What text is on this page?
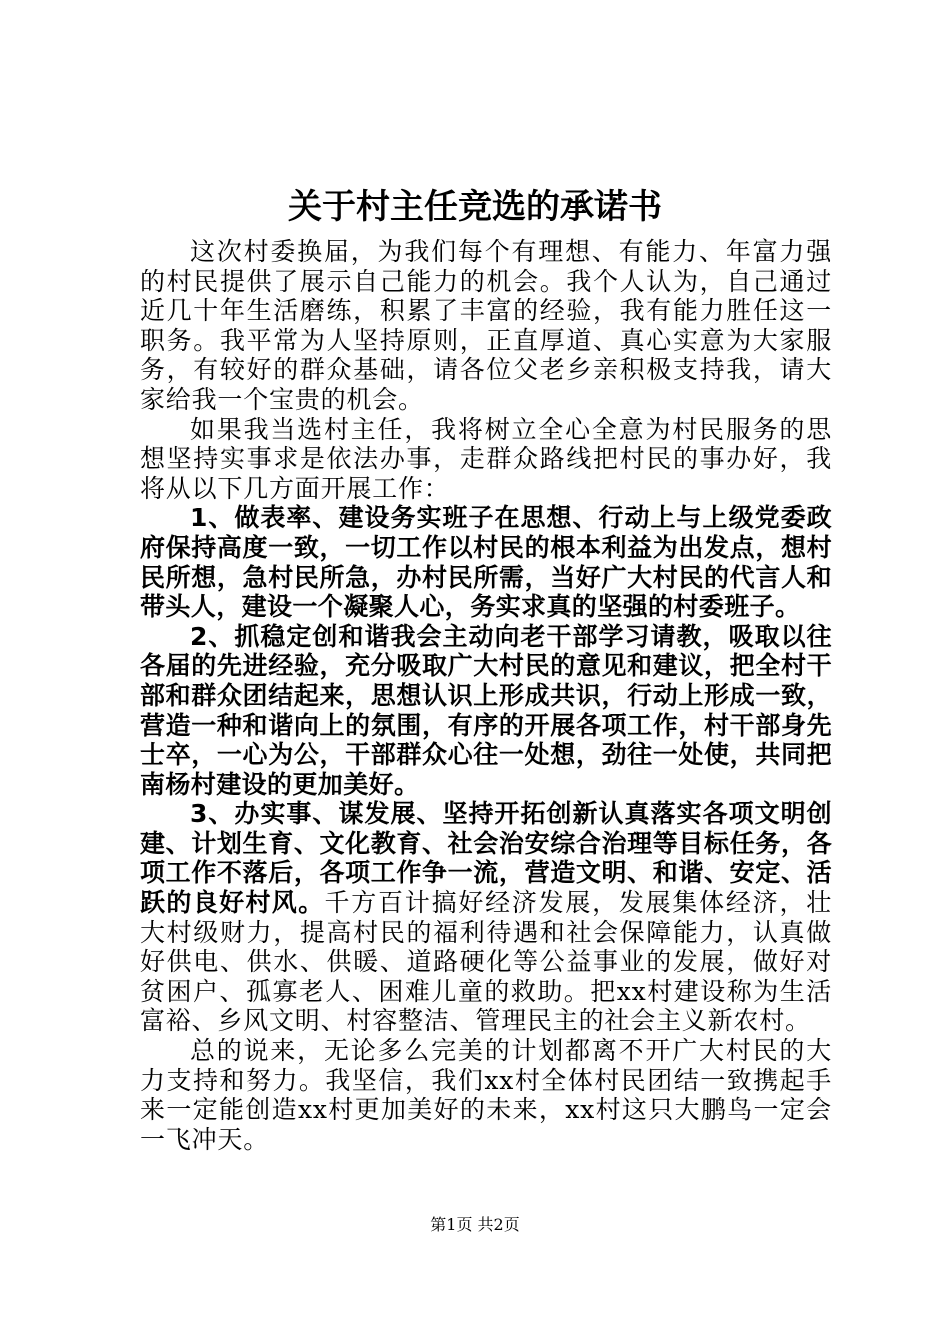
关于村主任竞选的承诺书

这次村委换届，为我们每个有理想、有能力、年富力强的村民提供了展示自己能力的机会。我个人认为，自己通过近几十年生活磨练，积累了丰富的经验，我有能力胜任这一职务。我平常为人坚持原则，正直厚道、真心实意为大家服务，有较好的群众基础，请各位父老乡亲积极支持我，请大家给我一个宝贵的机会。

如果我当选村主任，我将树立全心全意为村民服务的思想坚持实事求是依法办事，走群众路线把村民的事办好，我将从以下几方面开展工作：

1、做表率、建设务实班子在思想、行动上与上级党委政府保持高度一致，一切工作以村民的根本利益为出发点，想村民所想，急村民所急，办村民所需，当好广大村民的代言人和带头人，建设一个凝聚人心，务实求真的坚强的村委班子。

2、抓稳定创和谐我会主动向老干部学习请教，吸取以往各届的先进经验，充分吸取广大村民的意见和建议，把全村干部和群众团结起来，思想认识上形成共识，行动上形成一致，营造一种和谐向上的氛围，有序的开展各项工作，村干部身先士卒，一心为公，干部群众心往一处想，劲往一处使，共同把南杨村建设的更加美好。

3、办实事、谋发展、坚持开拓创新认真落实各项文明创建、计划生育、文化教育、社会治安综合治理等目标任务，各项工作不落后，各项工作争一流，营造文明、和谐、安定、活跃的良好村风。千方百计搞好经济发展，发展集体经济，壮大村级财力，提高村民的福利待遇和社会保障能力，认真做好供电、供水、供暖、道路硬化等公益事业的发展，做好对贫困户、孤寡老人、困难儿童的救助。把xx村建设称为生活富裕、乡风文明、村容整洁、管理民主的社会主义新农村。

总的说来，无论多么完美的计划都离不开广大村民的大力支持和努力。我坚信，我们xx村全体村民团结一致携起手来一定能创造xx村更加美好的未来，xx村这只大鹏鸟一定会一飞冲天。

第1页 共2页
